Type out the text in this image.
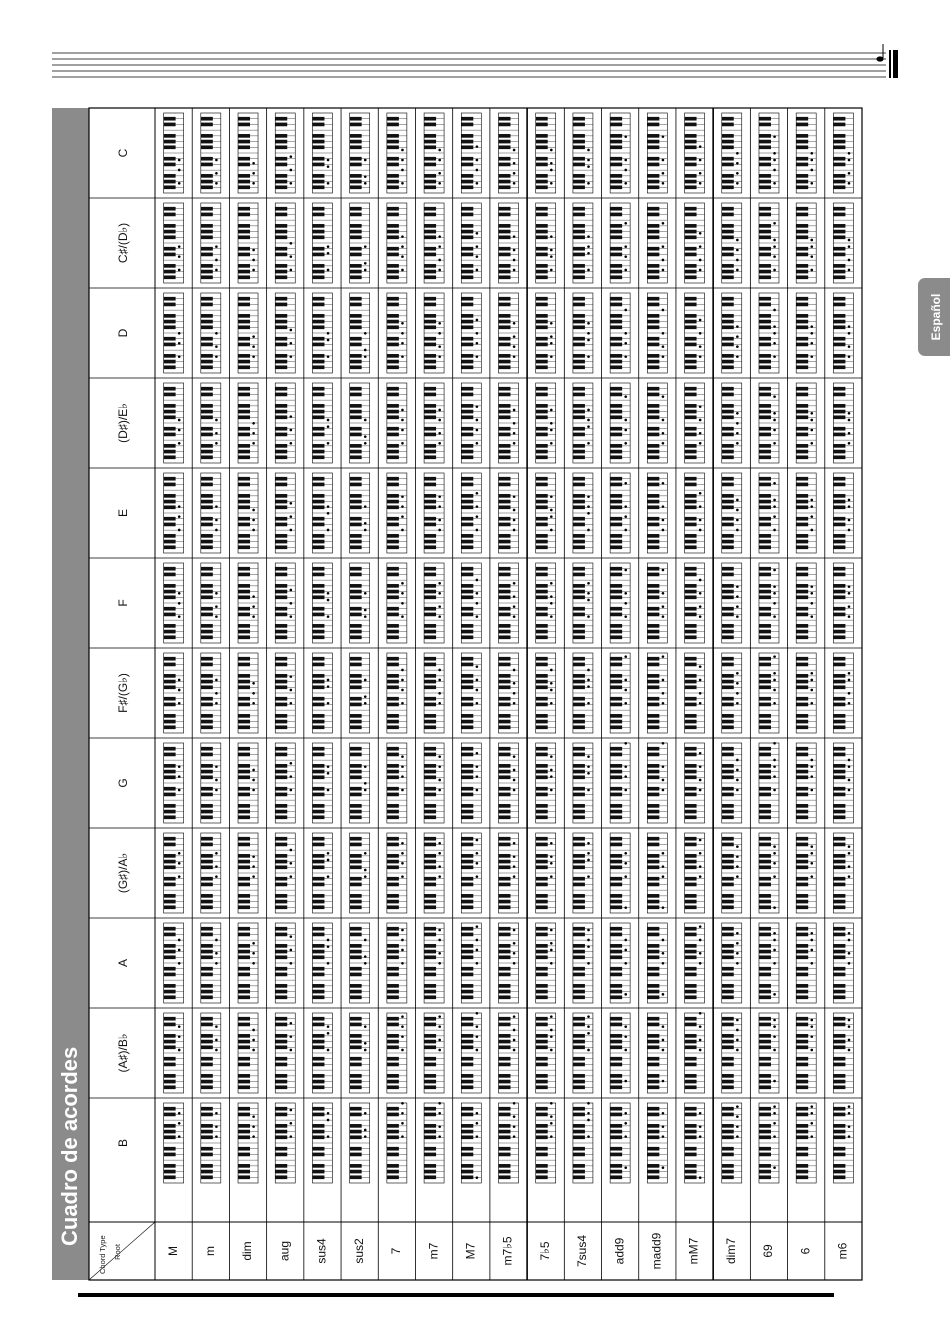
Cuadro de acordes
Español
Root
Chord Type
C
C♯/(D♭)
D
(D♯)/E♭
E
F
F♯/(G♭)
G
(G♯)/A♭
A
(A♯)/B♭
B
M m dim aug sus4 sus2 7 m7 M7 m7♭5 7♭5 7sus4 add9 madd9 mM7 dim7 69 6 m6
